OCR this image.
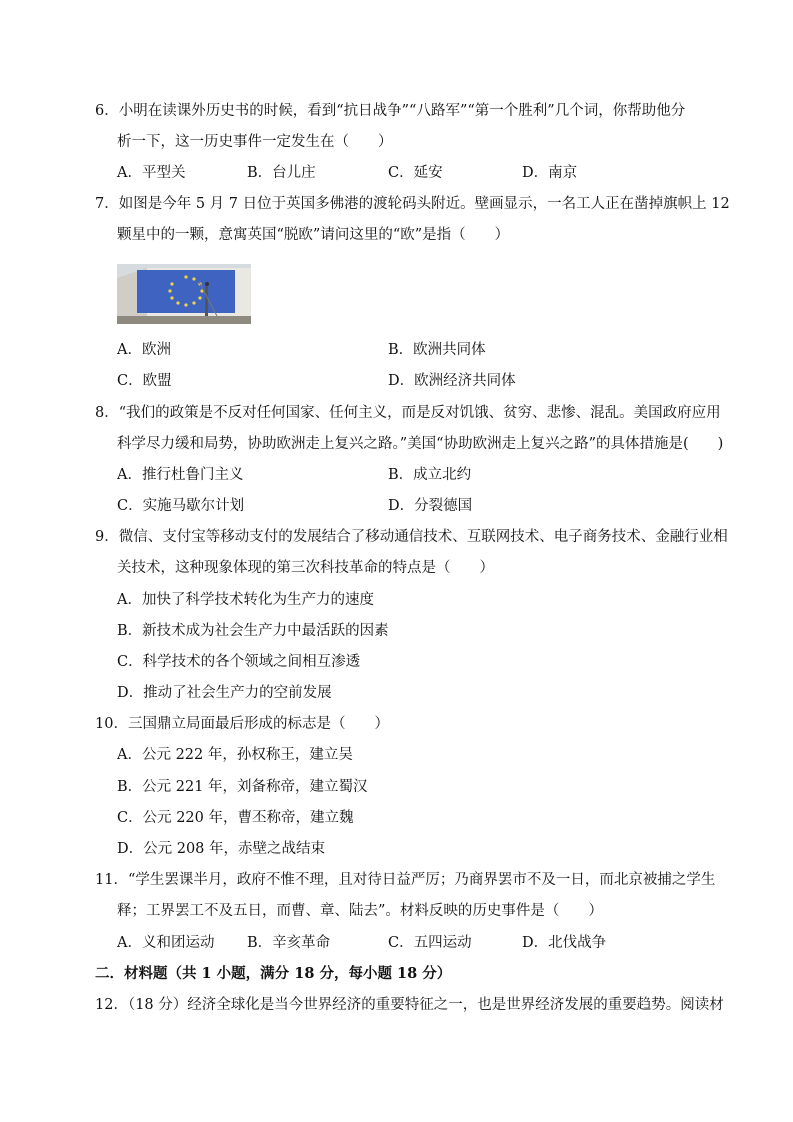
6．小明在读课外历史书的时候，看到“抗日战争”“八路军”“第一个胜利”几个词，你帮助他分
析一下，这一历史事件一定发生在（　　）
A．平型关	B．台儿庄	C．延安	D．南京
7．如图是今年 5 月 7 日位于英国多佛港的渡轮码头附近。壁画显示，一名工人正在凿掉旗帜上 12
颗星中的一颗，意寓英国“脱欧”请问这里的“欧”是指（　　）
A．欧洲	B．欧洲共同体
C．欧盟	D．欧洲经济共同体
8．“我们的政策是不反对任何国家、任何主义，而是反对饥饿、贫穷、悲惨、混乱。美国政府应用
科学尽力缓和局势，协助欧洲走上复兴之路。”美国“协助欧洲走上复兴之路”的具体措施是(　　)
A．推行杜鲁门主义	B．成立北约
C．实施马歇尔计划	D．分裂德国
9．微信、支付宝等移动支付的发展结合了移动通信技术、互联网技术、电子商务技术、金融行业相
关技术，这种现象体现的第三次科技革命的特点是（　　）
A．加快了科学技术转化为生产力的速度
B．新技术成为社会生产力中最活跃的因素
C．科学技术的各个领域之间相互渗透
D．推动了社会生产力的空前发展
10．三国鼎立局面最后形成的标志是（　　）
A．公元 222 年，孙权称王，建立吴
B．公元 221 年，刘备称帝，建立蜀汉
C．公元 220 年，曹丕称帝，建立魏
D．公元 208 年，赤壁之战结束
11．“学生罢课半月，政府不惟不理，且对待日益严厉；乃商界罢市不及一日，而北京被捕之学生
释；工界罢工不及五日，而曹、章、陆去”。材料反映的历史事件是（　　）
A．义和团运动 B．辛亥革命	C．五四运动	D．北伐战争
二．材料题（共 1 小题，满分 18 分，每小题 18 分）
12．（18 分）经济全球化是当今世界经济的重要特征之一，也是世界经济发展的重要趋势。阅读材
